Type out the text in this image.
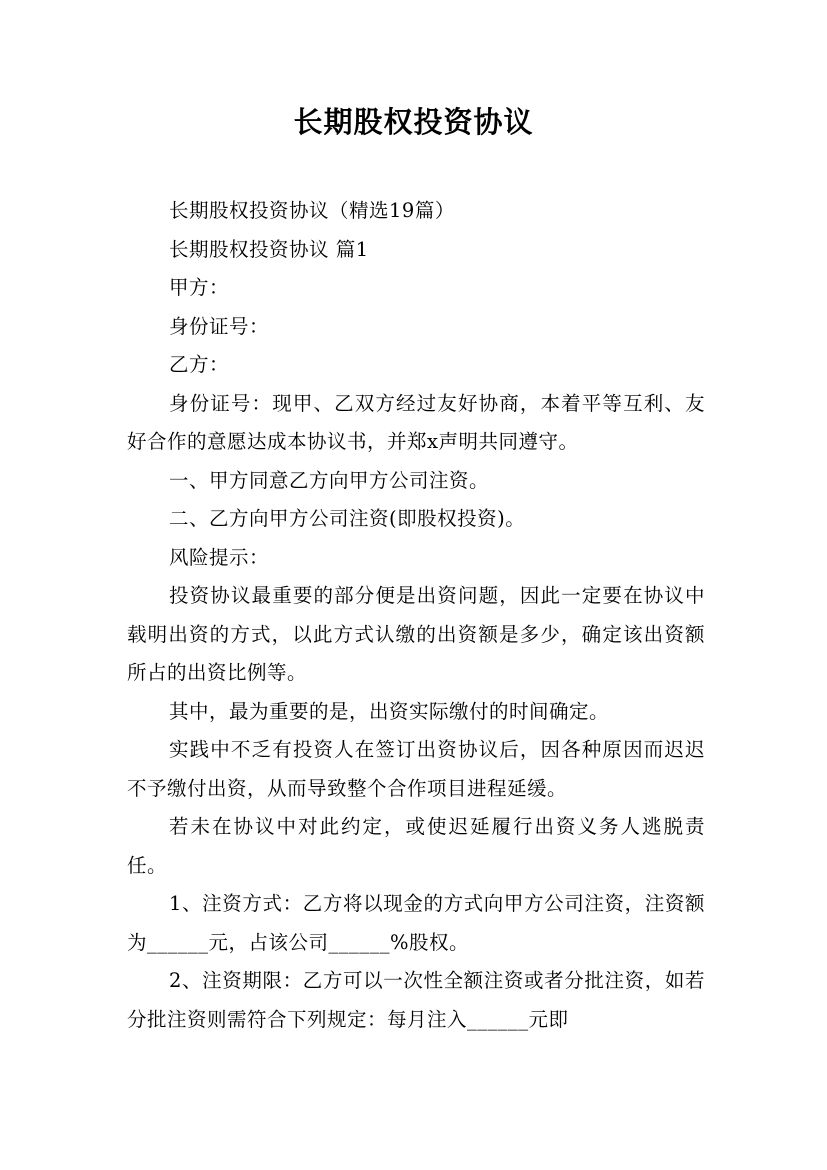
长期股权投资协议

长期股权投资协议（精选19篇）

长期股权投资协议 篇1

甲方：

身份证号：

乙方：

身份证号：现甲、乙双方经过友好协商，本着平等互利、友好合作的意愿达成本协议书，并郑x声明共同遵守。

一、甲方同意乙方向甲方公司注资。

二、乙方向甲方公司注资(即股权投资)。

风险提示：

投资协议最重要的部分便是出资问题，因此一定要在协议中载明出资的方式，以此方式认缴的出资额是多少，确定该出资额所占的出资比例等。

其中，最为重要的是，出资实际缴付的时间确定。

实践中不乏有投资人在签订出资协议后，因各种原因而迟迟不予缴付出资，从而导致整个合作项目进程延缓。

若未在协议中对此约定，或使迟延履行出资义务人逃脱责任。

1、注资方式：乙方将以现金的方式向甲方公司注资，注资额为______元，占该公司______%股权。

2、注资期限：乙方可以一次性全额注资或者分批注资，如若分批注资则需符合下列规定：每月注入______元即
